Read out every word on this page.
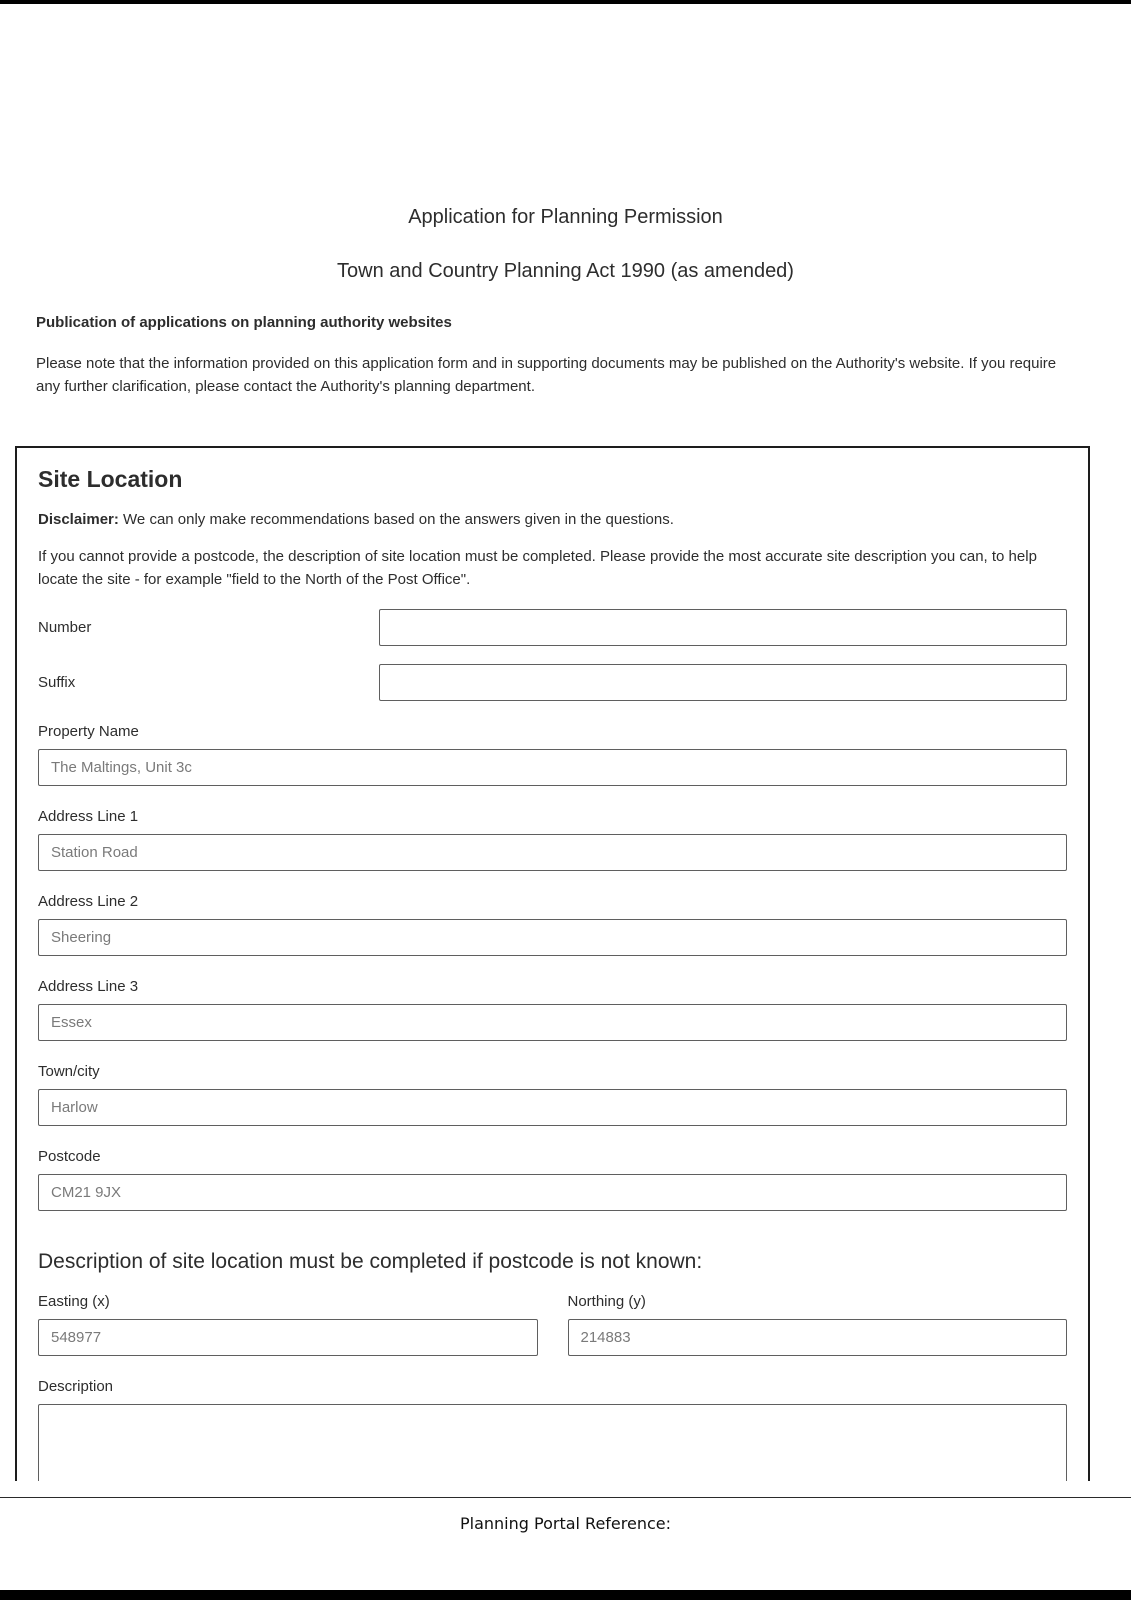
Application for Planning Permission
Town and Country Planning Act 1990 (as amended)
Publication of applications on planning authority websites
Please note that the information provided on this application form and in supporting documents may be published on the Authority's website. If you require any further clarification, please contact the Authority's planning department.
Site Location
Disclaimer: We can only make recommendations based on the answers given in the questions.
If you cannot provide a postcode, the description of site location must be completed. Please provide the most accurate site description you can, to help locate the site - for example "field to the North of the Post Office".
Number
Suffix
Property Name
The Maltings, Unit 3c
Address Line 1
Station Road
Address Line 2
Sheering
Address Line 3
Essex
Town/city
Harlow
Postcode
CM21 9JX
Description of site location must be completed if postcode is not known:
Easting (x)
548977	Northing (y)
214883
Description
Planning Portal Reference:
